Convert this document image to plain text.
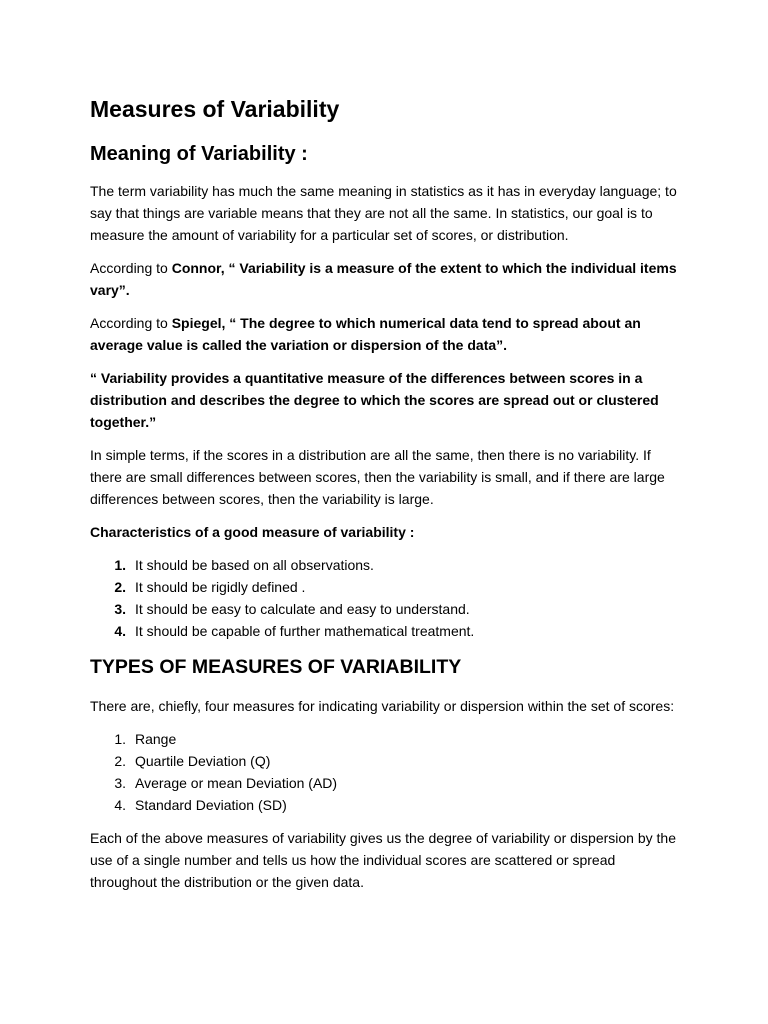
Measures of Variability
Meaning of Variability :

The term variability has much the same meaning in statistics as it has in everyday language; to say that things are variable means that they are not all the same. In statistics, our goal is to measure the amount of variability for a particular set of scores, or distribution.

According to Connor, “ Variability is a measure of the extent to which the individual items vary”.

According to Spiegel, “ The degree to which numerical data tend to spread about an average value is called the variation or dispersion of the data”.

“ Variability provides a quantitative measure of the differences between scores in a distribution and describes the degree to which the scores are spread out or clustered together.”

In simple terms, if the scores in a distribution are all the same, then there is no variability. If there are small differences between scores, then the variability is small, and if there are large differences between scores, then the variability is large.

Characteristics of a good measure of variability :

1. It should be based on all observations.
2. It should be rigidly defined .
3. It should be easy to calculate and easy to understand.
4. It should be capable of further mathematical treatment.
TYPES OF MEASURES OF VARIABILITY

There are, chiefly, four measures for indicating variability or dispersion within the set of scores:

1. Range
2. Quartile Deviation (Q)
3. Average or mean Deviation (AD)
4. Standard Deviation (SD)

Each of the above measures of variability gives us the degree of variability or dispersion by the use of a single number and tells us how the individual scores are scattered or spread throughout the distribution or the given data.
